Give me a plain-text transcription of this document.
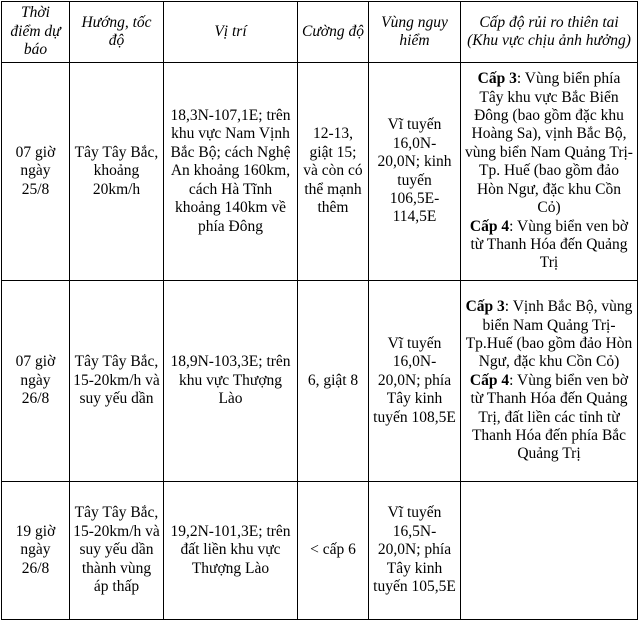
Thời điểm dự báo	Hướng, tốc độ	Vị trí	Cường độ	Vùng nguy hiểm	Cấp độ rủi ro thiên tai (Khu vực chịu ảnh hưởng)
07 giờ ngày 25/8	Tây Tây Bắc, khoảng 20km/h	18,3N-107,1E; trên khu vực Nam Vịnh Bắc Bộ; cách Nghệ An khoảng 160km, cách Hà Tĩnh khoảng 140km về phía Đông	12-13, giật 15; và còn có thể mạnh thêm	Vĩ tuyến 16,0N-20,0N; kinh tuyến 106,5E-114,5E	Cấp 3: Vùng biển phía Tây khu vực Bắc Biển Đông (bao gồm đặc khu Hoàng Sa), vịnh Bắc Bộ, vùng biển Nam Quảng Trị-Tp. Huế (bao gồm đảo Hòn Ngư, đặc khu Cồn Cỏ)
Cấp 4: Vùng biển ven bờ từ Thanh Hóa đến Quảng Trị

07 giờ ngày 26/8	Tây Tây Bắc, 15-20km/h và suy yếu dần	18,9N-103,3E; trên khu vực Thượng Lào	6, giật 8	Vĩ tuyến 16,0N-20,0N; phía Tây kinh tuyến 108,5E	Cấp 3: Vịnh Bắc Bộ, vùng biển Nam Quảng Trị-Tp.Huế (bao gồm đảo Hòn Ngư, đặc khu Cồn Cỏ)
Cấp 4: Vùng biển ven bờ từ Thanh Hóa đến Quảng Trị, đất liền các tỉnh từ Thanh Hóa đến phía Bắc Quảng Trị

19 giờ ngày 26/8	Tây Tây Bắc, 15-20km/h và suy yếu dần thành vùng áp thấp	19,2N-101,3E; trên đất liền khu vực Thượng Lào	< cấp 6	Vĩ tuyến 16,5N-20,0N; phía Tây kinh tuyến 105,5E	
